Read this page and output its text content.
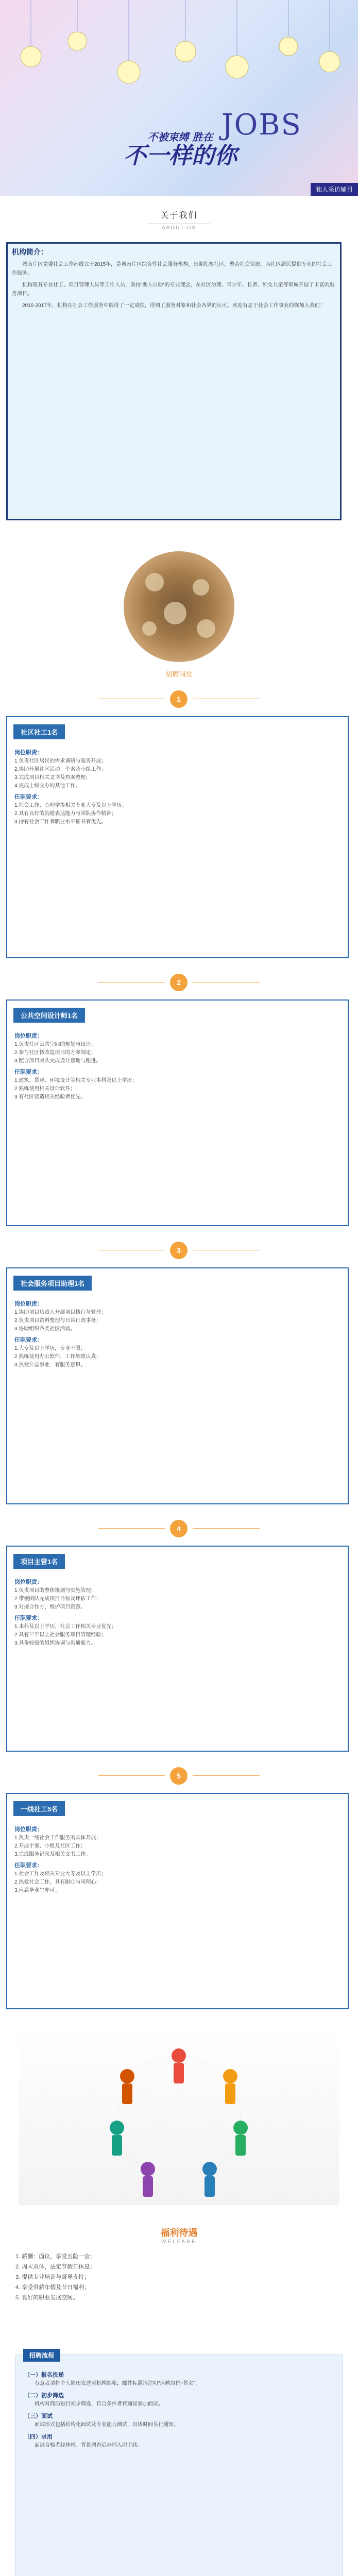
不被束缚 胜在
不一样的你
JOBS
独人采访辅目
关于我们
ABOUT US
机构简介：

城南片区党委社会工作部成立于2015年，是城南片区综合性社会服务机构，长期扎根社区，整合社会资源，为社区居民提供专业的社会工作服务。

机构现有专业社工、项目管理人员等工作人员，秉持“助人自助”的专业理念，在社区治理、青少年、长者、妇女儿童等领域开展了丰富的服务项目。

2016-2017年，机构在社会工作服务中取得了一定成绩，得到了服务对象和社会各界的认可。欢迎有志于社会工作事业的你加入我们！

招聘岗位
1
社区社工1名
岗位职责：
1.负责社区居民的需求调研与服务开展；
2.协助开展社区活动、个案及小组工作；
3.完成项目相关文书及档案整理；
4.完成上级交办的其他工作。
任职要求：
1.社会工作、心理学等相关专业大专及以上学历；
2.具有良好的沟通表达能力与团队协作精神；
3.持有社会工作者职业水平证书者优先。
2
公共空间设计师1名
岗位职责：
1.负责社区公共空间的规划与设计；
2.参与社区微改造项目的方案制定；
3.配合项目团队完成设计落地与跟进。
任职要求：
1.建筑、景观、环境设计等相关专业本科及以上学历；
2.熟练使用相关设计软件；
3.有社区营造相关经验者优先。
3
社会服务项目助理1名
岗位职责：
1.协助项目负责人开展项目执行与管理；
2.负责项目资料整理与日常行政事务；
3.协助组织各类社区活动。
任职要求：
1.大专及以上学历，专业不限；
2.熟练使用办公软件，工作细致认真；
3.热爱公益事业，有服务意识。
4
项目主管1名
岗位职责：
1.负责项目的整体规划与实施管理；
2.带领团队完成项目目标及评估工作；
3.对接合作方，维护项目资源。
任职要求：
1.本科及以上学历，社会工作相关专业优先；
2.具有三年以上社会服务项目管理经验；
3.具备较强的组织协调与沟通能力。
5
一线社工5名
岗位职责：
1.负责一线社会工作服务的具体开展；
2.开展个案、小组及社区工作；
3.完成服务记录及相关文书工作。
任职要求：
1.社会工作及相关专业大专及以上学历；
2.热爱社会工作，具有耐心与同理心；
3.应届毕业生亦可。
福利待遇
WELFARE
1. 薪酬：面议，享受五险一金；
2. 周末双休，法定节假日休息；
3. 提供专业培训与督导支持；
4. 享受带薪年假及节日福利；
5. 良好的职业发展空间。
招聘流程
（一）报名投递
有意者请将个人简历发送至机构邮箱，邮件标题请注明“应聘岗位+姓名”。
（二）初步筛选
机构对简历进行初步筛选，符合条件者将通知参加面试。
（三）面试
面试形式包括结构化面试及专业能力测试，具体时间另行通知。
（四）录用
面试合格者经体检、背景调查后办理入职手续。
